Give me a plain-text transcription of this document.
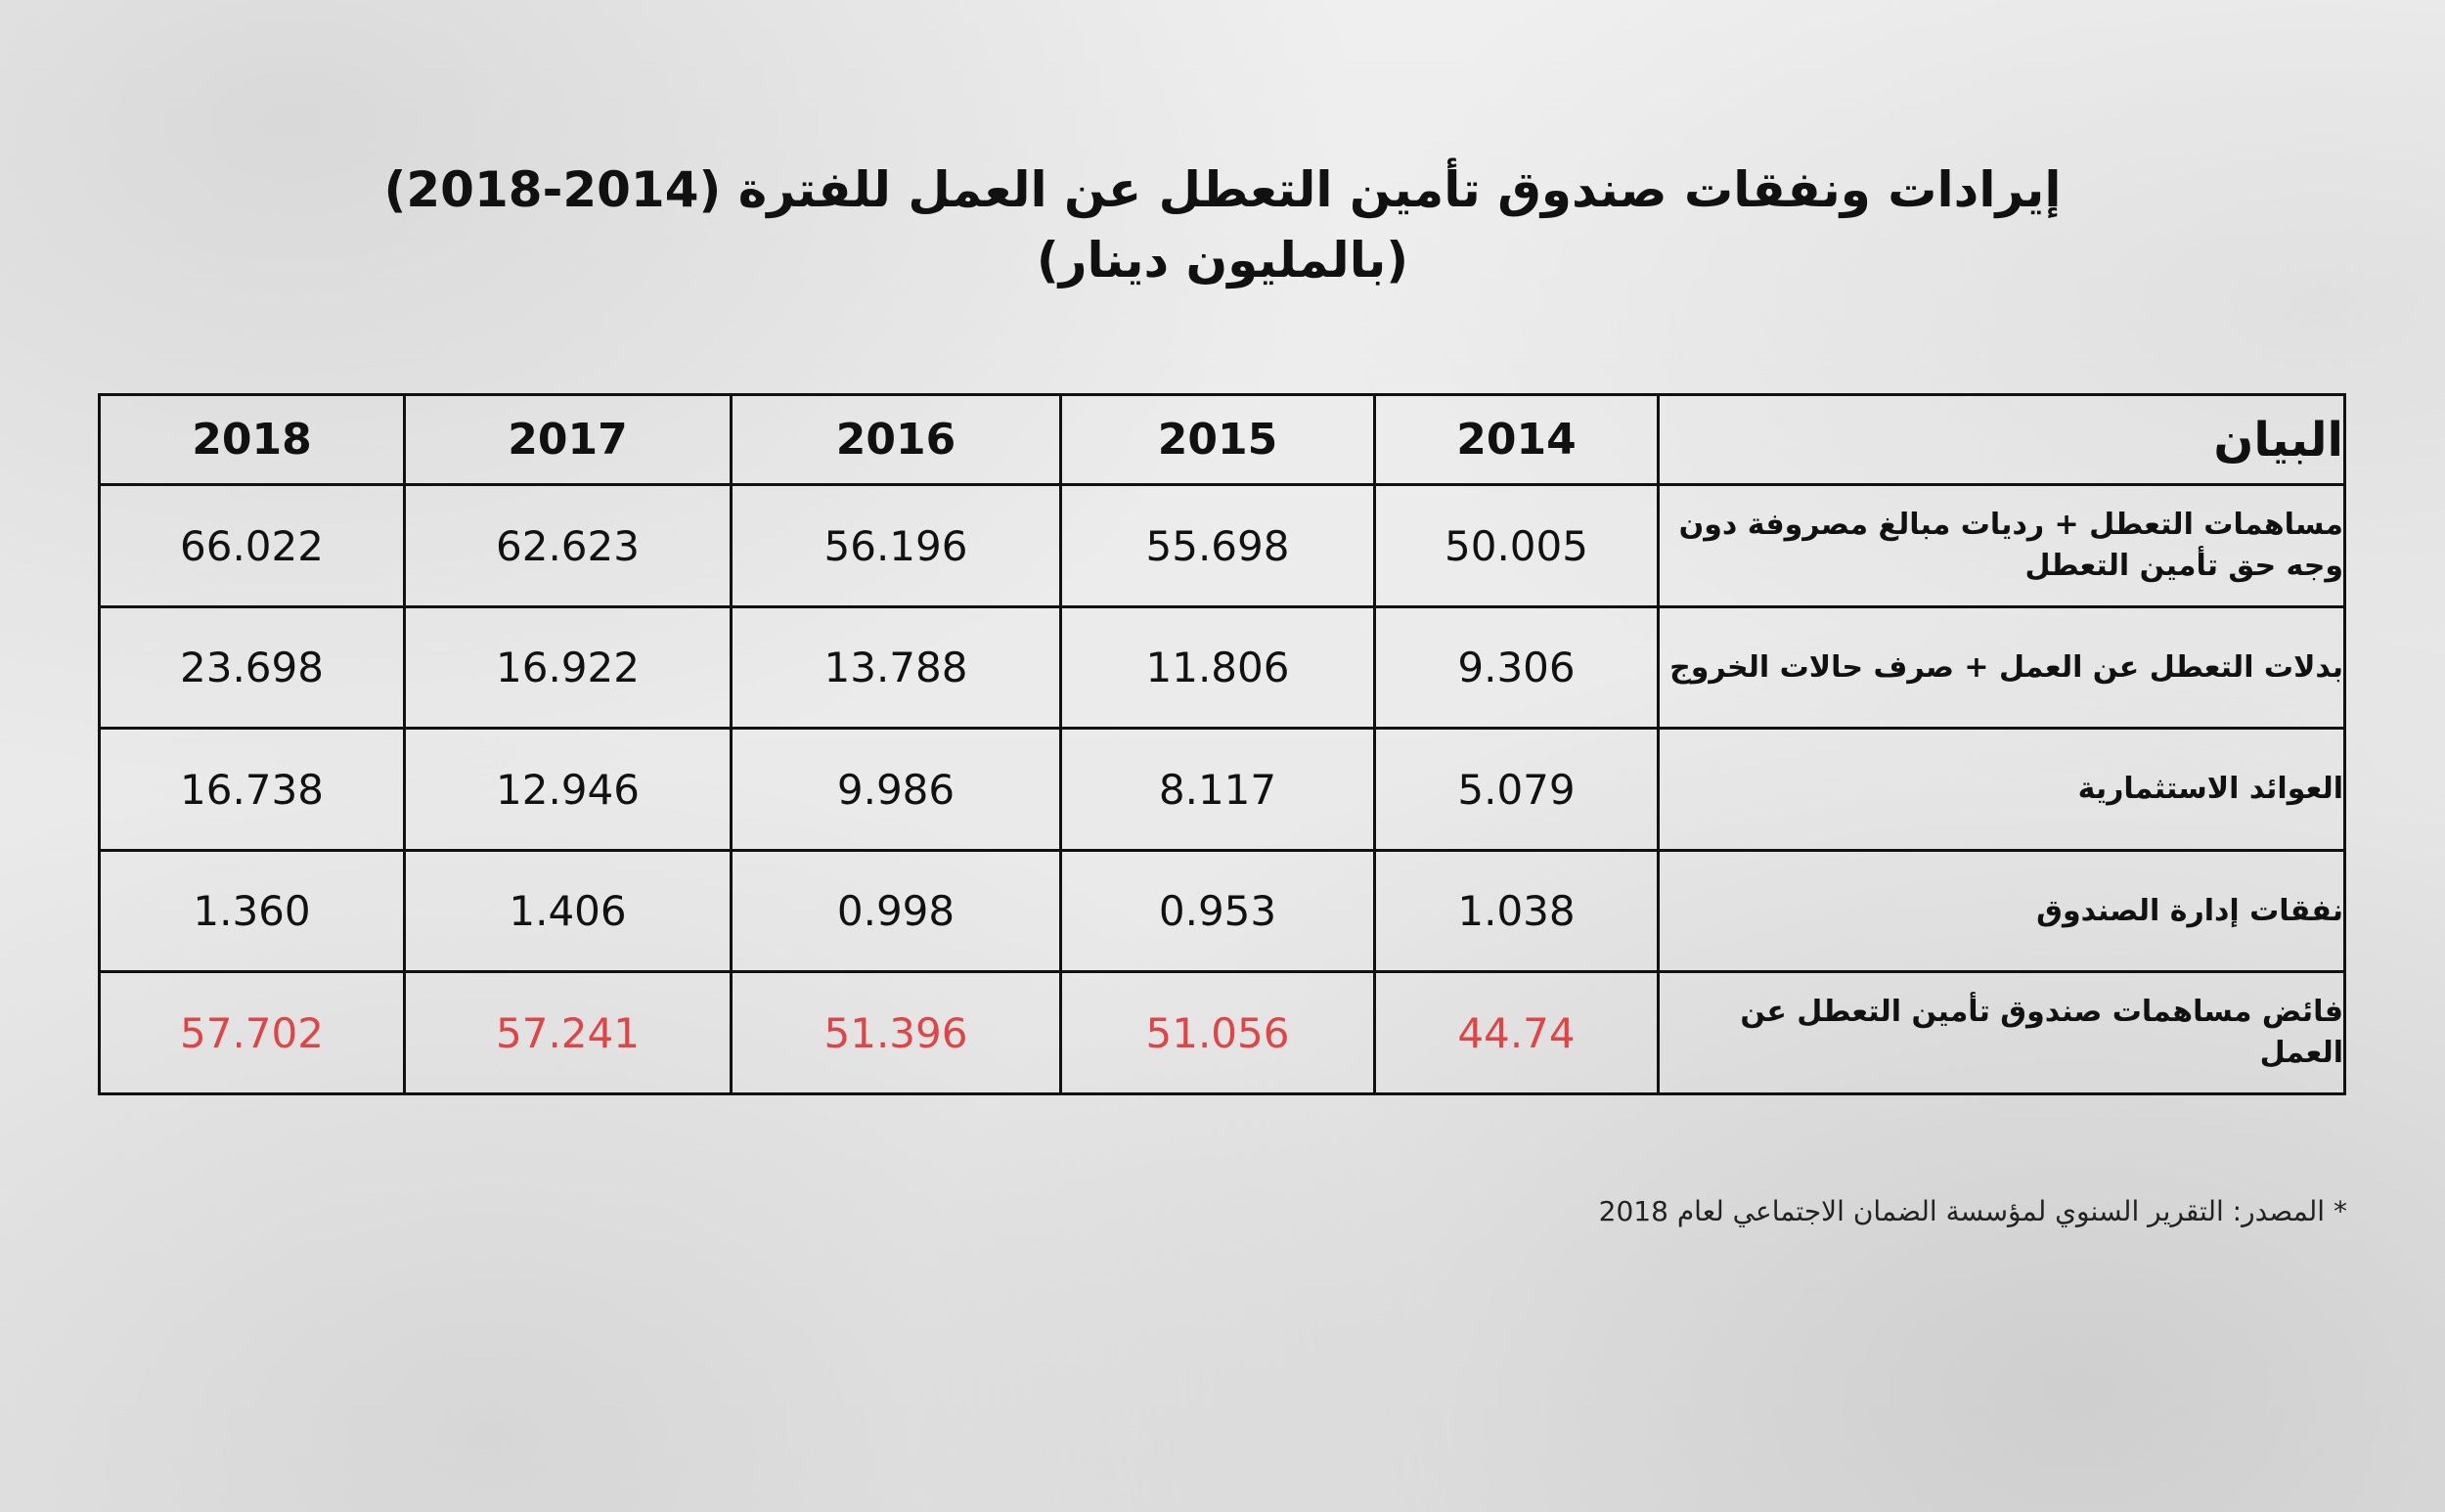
إيرادات ونفقات صندوق تأمين التعطل عن العمل للفترة (2014-2018)
(بالمليون دينار)
البيان	2014	2015	2016	2017	2018
مساهمات التعطل + رديات مبالغ مصروفة دون وجه حق تأمين التعطل	50.005	55.698	56.196	62.623	66.022
بدلات التعطل عن العمل + صرف حالات الخروج	9.306	11.806	13.788	16.922	23.698
العوائد الاستثمارية	5.079	8.117	9.986	12.946	16.738
نفقات إدارة الصندوق	1.038	0.953	0.998	1.406	1.360
فائض مساهمات صندوق تأمين التعطل عن العمل	44.74	51.056	51.396	57.241	57.702
* المصدر: التقرير السنوي لمؤسسة الضمان الاجتماعي لعام 2018
